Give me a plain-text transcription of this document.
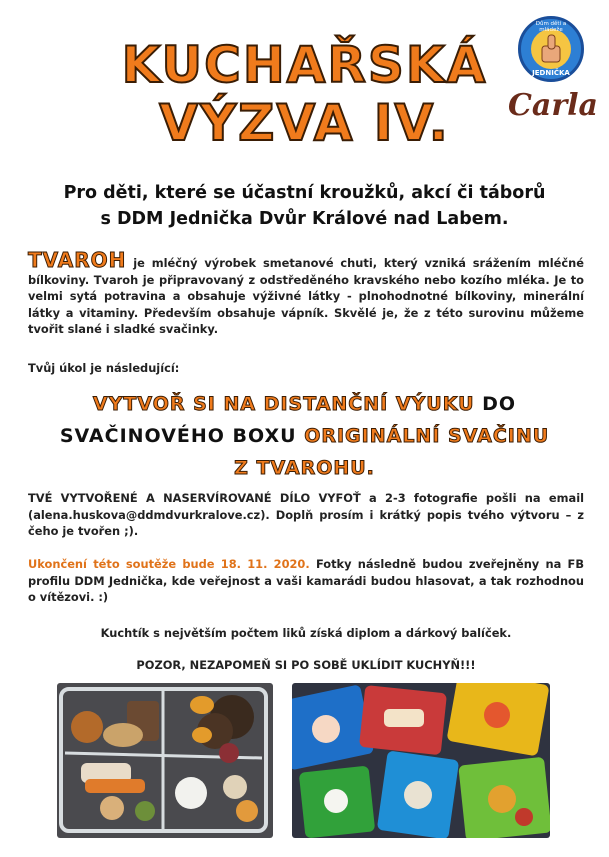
KUCHAŘSKÁ
VÝZVA IV.
JEDNIČKA
Dům dětí a mládeže
Carla
Pro děti, které se účastní kroužků, akcí či táborů
s DDM Jednička Dvůr Králové nad Labem.
TVAROH je mléčný výrobek smetanové chuti, který vzniká srážením mléčné bílkoviny. Tvaroh je připravovaný z odstředěného kravského nebo kozího mléka. Je to velmi sytá potravina a obsahuje výživné látky - plnohodnotné bílkoviny, minerální látky a vitaminy. Především obsahuje vápník. Skvělé je, že z této surovinu můžeme tvořit slané i sladké svačinky.
Tvůj úkol je následující:
VYTVOŘ SI NA DISTANČNÍ VÝUKU DO
SVAČINOVÉHO BOXU ORIGINÁLNÍ SVAČINU
Z TVAROHU.
TVÉ VYTVOŘENÉ A NASERVÍROVANÉ DÍLO VYFOŤ a 2-3 fotografie pošli na email (alena.huskova@ddmdvurkralove.cz). Doplň prosím i krátký popis tvého výtvoru – z čeho je tvořen ;).
Ukončení této soutěže bude 18. 11. 2020. Fotky následně budou zveřejněny na FB profilu DDM Jednička, kde veřejnost a vaši kamarádi budou hlasovat, a tak rozhodnou o vítězovi. :)
Kuchtík s největším počtem liků získá diplom a dárkový balíček.
POZOR, NEZAPOMEŇ SI PO SOBĚ UKLÍDIT KUCHYŇ!!!
